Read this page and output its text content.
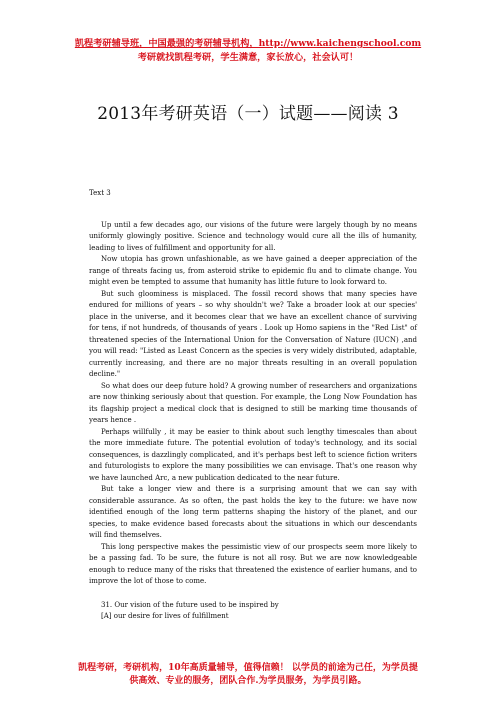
凯程考研辅导班，中国最强的考研辅导机构，http://www.kaichengschool.com
考研就找凯程考研，学生满意，家长放心，社会认可！
2013年考研英语（一）试题——阅读 3

Text 3

Up until a few decades ago, our visions of the future were largely though by no means uniformly glowingly positive. Science and technology would cure all the ills of humanity, leading to lives of fulfillment and opportunity for all.

Now utopia has grown unfashionable, as we have gained a deeper appreciation of the range of threats facing us, from asteroid strike to epidemic flu and to climate change. You might even be tempted to assume that humanity has little future to look forward to.

But such gloominess is misplaced. The fossil record shows that many species have endured for millions of years – so why shouldn't we? Take a broader look at our species' place in the universe, and it becomes clear that we have an excellent chance of surviving for tens, if not hundreds, of thousands of years . Look up Homo sapiens in the "Red List" of threatened species of the International Union for the Conversation of Nature (IUCN) ,and you will read: "Listed as Least Concern as the species is very widely distributed, adaptable, currently increasing, and there are no major threats resulting in an overall population decline."

So what does our deep future hold? A growing number of researchers and organizations are now thinking seriously about that question. For example, the Long Now Foundation has its flagship project a medical clock that is designed to still be marking time thousands of years hence .

Perhaps willfully , it may be easier to think about such lengthy timescales than about the more immediate future. The potential evolution of today's technology, and its social consequences, is dazzlingly complicated, and it's perhaps best left to science fiction writers and futurologists to explore the many possibilities we can envisage. That's one reason why we have launched Arc, a new publication dedicated to the near future.

But take a longer view and there is a surprising amount that we can say with considerable assurance. As so often, the past holds the key to the future: we have now identified enough of the long term patterns shaping the history of the planet, and our species, to make evidence based forecasts about the situations in which our descendants will find themselves.

This long perspective makes the pessimistic view of our prospects seem more likely to be a passing fad. To be sure, the future is not all rosy. But we are now knowledgeable enough to reduce many of the risks that threatened the existence of earlier humans, and to improve the lot of those to come.

31. Our vision of the future used to be inspired by

[A] our desire for lives of fulfillment

凯程考研，考研机构，10年高质量辅导，值得信赖！ 以学员的前途为己任，为学员提
供高效、专业的服务，团队合作.为学员服务，为学员引路。
